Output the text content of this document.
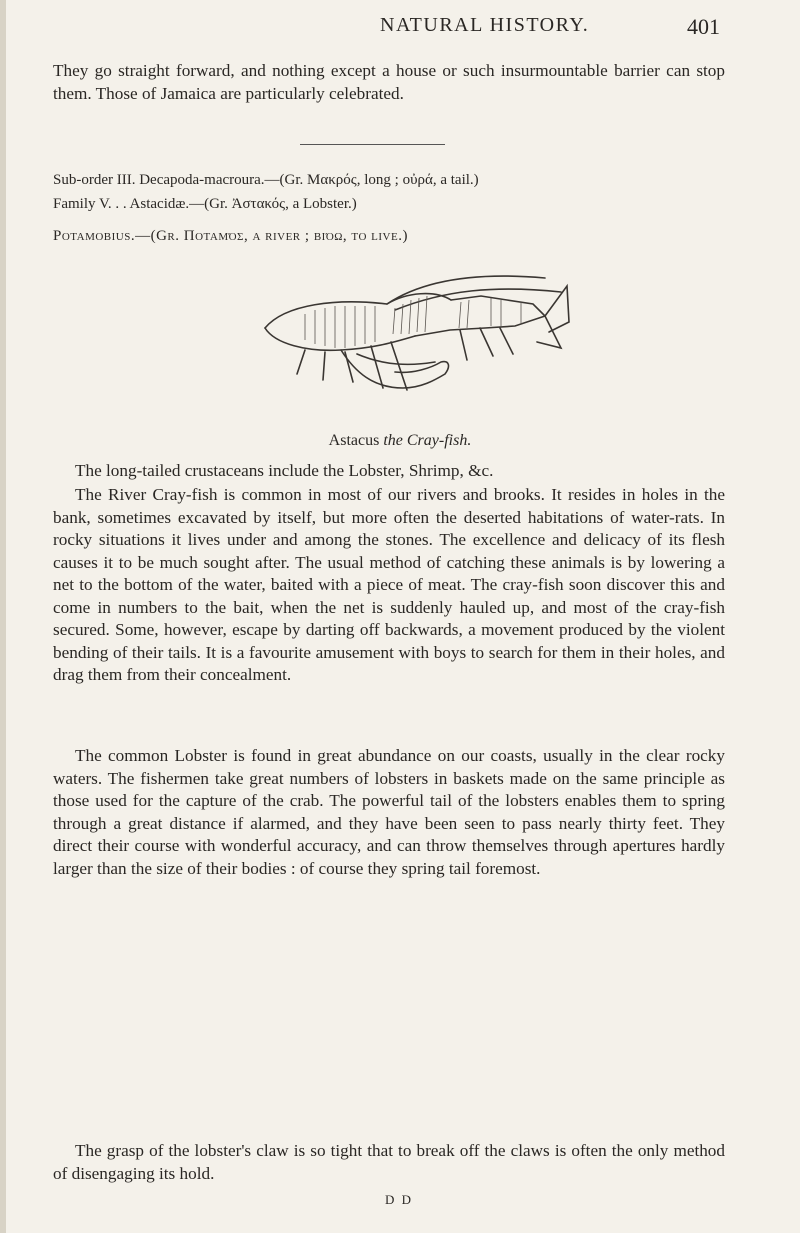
NATURAL HISTORY.	401

They go straight forward, and nothing except a house or such insurmountable barrier can stop them. Those of Jamaica are particularly celebrated.

Sub-order III. Decapoda-macroura.—(Gr. Μακρός, long ; οὐρά, a tail.)
Family V. . . Astacidæ.—(Gr. Ἀστακός, a Lobster.)
Potamobius.—(Gr. Ποταμός, a river ; βιόω, to live.)
Astacus the Cray-fish.

The long-tailed crustaceans include the Lobster, Shrimp, &c.

The River Cray-fish is common in most of our rivers and brooks. It resides in holes in the bank, sometimes excavated by itself, but more often the deserted habitations of water-rats. In rocky situations it lives under and among the stones. The excellence and delicacy of its flesh causes it to be much sought after. The usual method of catching these animals is by lowering a net to the bottom of the water, baited with a piece of meat. The cray-fish soon discover this and come in numbers to the bait, when the net is suddenly hauled up, and most of the cray-fish secured. Some, however, escape by darting off backwards, a movement produced by the violent bending of their tails. It is a favourite amusement with boys to search for them in their holes, and drag them from their concealment.

The common Lobster is found in great abundance on our coasts, usually in the clear rocky waters. The fishermen take great numbers of lobsters in baskets made on the same principle as those used for the capture of the crab. The powerful tail of the lobsters enables them to spring through a great distance if alarmed, and they have been seen to pass nearly thirty feet. They direct their course with wonderful accuracy, and can throw themselves through apertures hardly larger than the size of their bodies : of course they spring tail foremost.

The grasp of the lobster's claw is so tight that to break off the claws is often the only method of disengaging its hold.

D D
